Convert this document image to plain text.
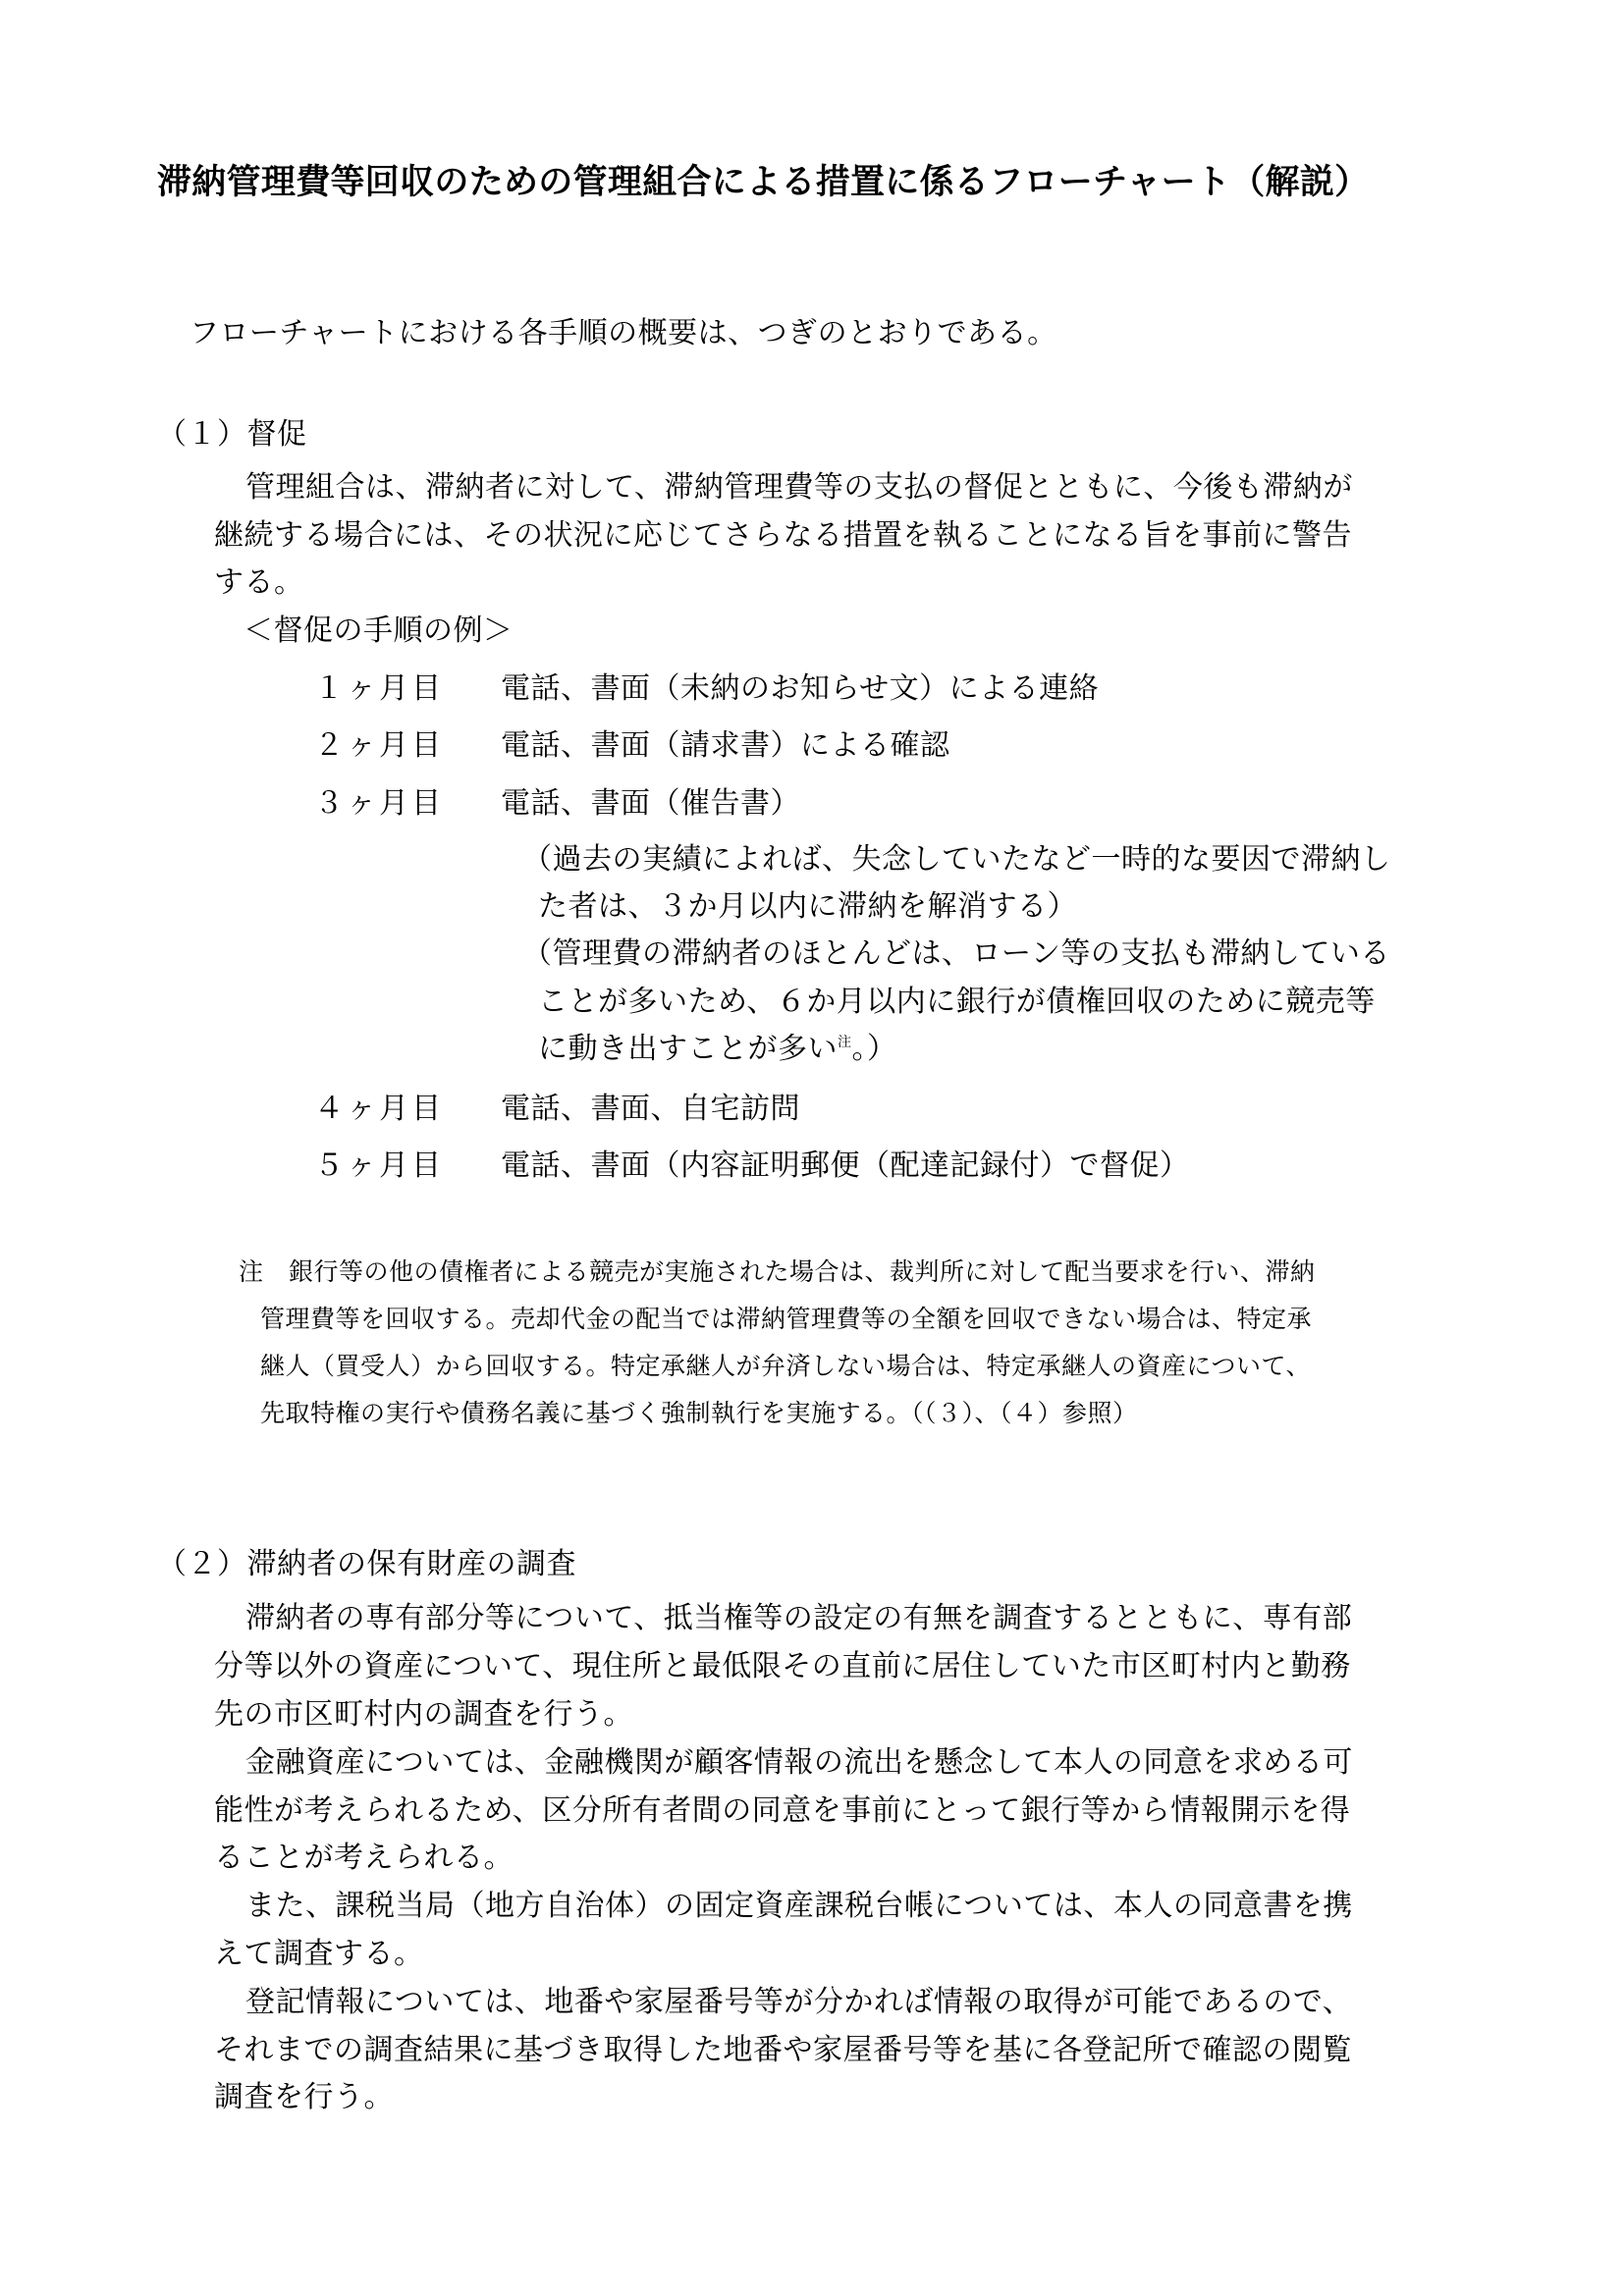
滞納管理費等回収のための管理組合による措置に係るフローチャート（解説）
フローチャートにおける各手順の概要は、つぎのとおりである。
（１）督促
管理組合は、滞納者に対して、滞納管理費等の支払の督促とともに、今後も滞納が
継続する場合には、その状況に応じてさらなる措置を執ることになる旨を事前に警告
する。
＜督促の手順の例＞
１ヶ月目 電話、書面（未納のお知らせ文）による連絡
２ヶ月目 電話、書面（請求書）による確認
３ヶ月目 電話、書面（催告書）
（過去の実績によれば、失念していたなど一時的な要因で滞納し
た者は、３か月以内に滞納を解消する）
（管理費の滞納者のほとんどは、ローン等の支払も滞納している
ことが多いため、６か月以内に銀行が債権回収のために競売等
に動き出すことが多い$^注$。）
４ヶ月目 電話、書面、自宅訪問
５ヶ月目 電話、書面（内容証明郵便（配達記録付）で督促）
注　銀行等の他の債権者による競売が実施された場合は、裁判所に対して配当要求を行い、滞納
管理費等を回収する。売却代金の配当では滞納管理費等の全額を回収できない場合は、特定承
継人（買受人）から回収する。特定承継人が弁済しない場合は、特定承継人の資産について、
先取特権の実行や債務名義に基づく強制執行を実施する。（（３）、（４）参照）
（２）滞納者の保有財産の調査
滞納者の専有部分等について、抵当権等の設定の有無を調査するとともに、専有部
分等以外の資産について、現住所と最低限その直前に居住していた市区町村内と勤務
先の市区町村内の調査を行う。
金融資産については、金融機関が顧客情報の流出を懸念して本人の同意を求める可
能性が考えられるため、区分所有者間の同意を事前にとって銀行等から情報開示を得
ることが考えられる。
また、課税当局（地方自治体）の固定資産課税台帳については、本人の同意書を携
えて調査する。
登記情報については、地番や家屋番号等が分かれば情報の取得が可能であるので、
それまでの調査結果に基づき取得した地番や家屋番号等を基に各登記所で確認の閲覧
調査を行う。
